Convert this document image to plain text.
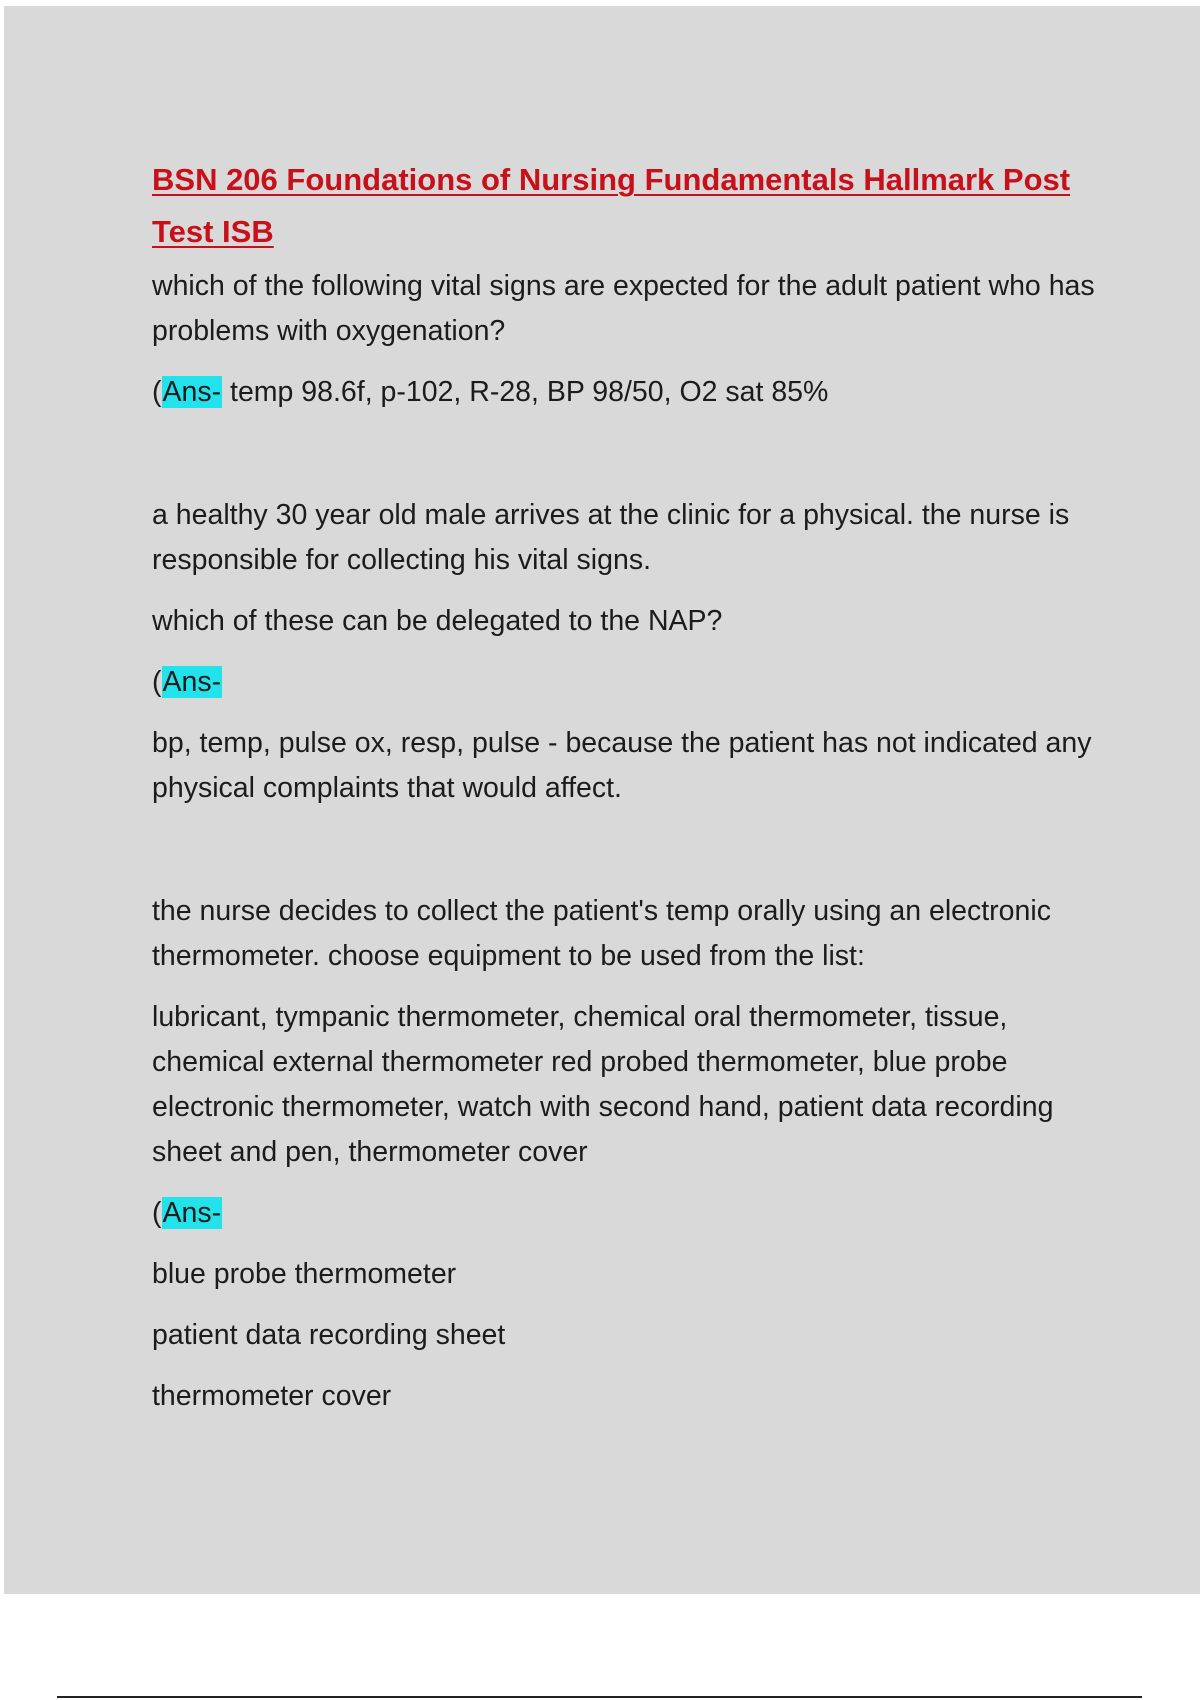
BSN 206 Foundations of Nursing Fundamentals Hallmark Post Test ISB

which of the following vital signs are expected for the adult patient who has problems with oxygenation?

(Ans- temp 98.6f, p-102, R-28, BP 98/50, O2 sat 85%

a healthy 30 year old male arrives at the clinic for a physical. the nurse is responsible for collecting his vital signs.

which of these can be delegated to the NAP?

(Ans-

bp, temp, pulse ox, resp, pulse - because the patient has not indicated any physical complaints that would affect.

the nurse decides to collect the patient's temp orally using an electronic thermometer. choose equipment to be used from the list:

lubricant, tympanic thermometer, chemical oral thermometer, tissue, chemical external thermometer red probed thermometer, blue probe electronic thermometer, watch with second hand, patient data recording sheet and pen, thermometer cover

(Ans-

blue probe thermometer

patient data recording sheet

thermometer cover
